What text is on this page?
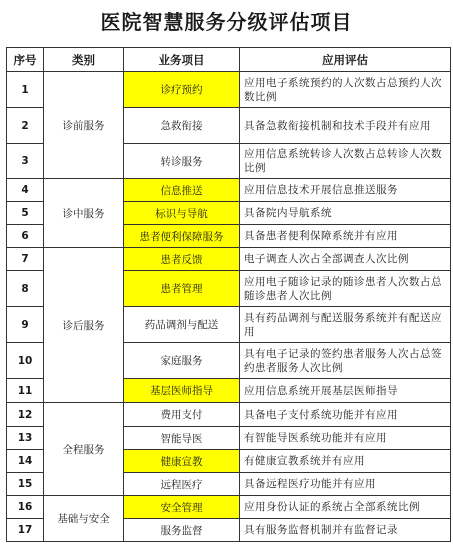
医院智慧服务分级评估项目
序号	类别	业务项目	应用评估
1	诊前服务	诊疗预约	应用电子系统预约的人次数占总预约人次数比例
2		急救衔接	具备急救衔接机制和技术手段并有应用
3		转诊服务	应用信息系统转诊人次数占总转诊人次数比例
4	诊中服务	信息推送	应用信息技术开展信息推送服务
5		标识与导航	具备院内导航系统
6		患者便利保障服务	具备患者便利保障系统并有应用
7	诊后服务	患者反馈	电子调查人次占全部调查人次比例
8		患者管理	应用电子随诊记录的随诊患者人次数占总随诊患者人次比例
9		药品调剂与配送	具有药品调剂与配送服务系统并有配送应用
10		家庭服务	具有电子记录的签约患者服务人次占总签约患者服务人次比例
11		基层医师指导	应用信息系统开展基层医师指导
12	全程服务	费用支付	具备电子支付系统功能并有应用
13		智能导医	有智能导医系统功能并有应用
14		健康宣教	有健康宣教系统并有应用
15		远程医疗	具备远程医疗功能并有应用
16	基础与安全	安全管理	应用身份认证的系统占全部系统比例
17		服务监督	具有服务监督机制并有监督记录
